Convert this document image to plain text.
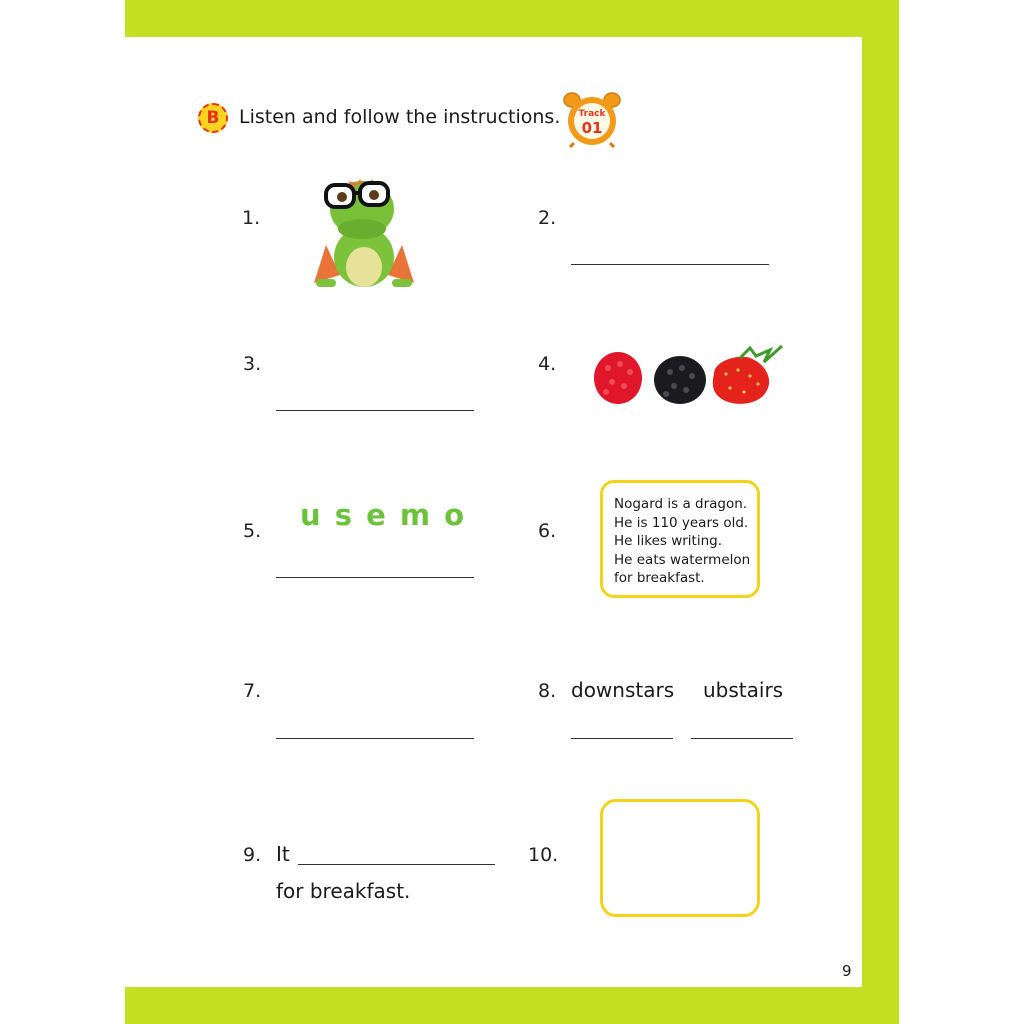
B Listen and follow the instructions.	Track
01
1.	2.
3.	4.
5. u s e m o	6.
Nogard is a dragon.
He is 110 years old.
He likes writing.
He eats watermelon
for breakfast.
7.	8. downstars ubstairs
9. It
for breakfast.
10.
9
